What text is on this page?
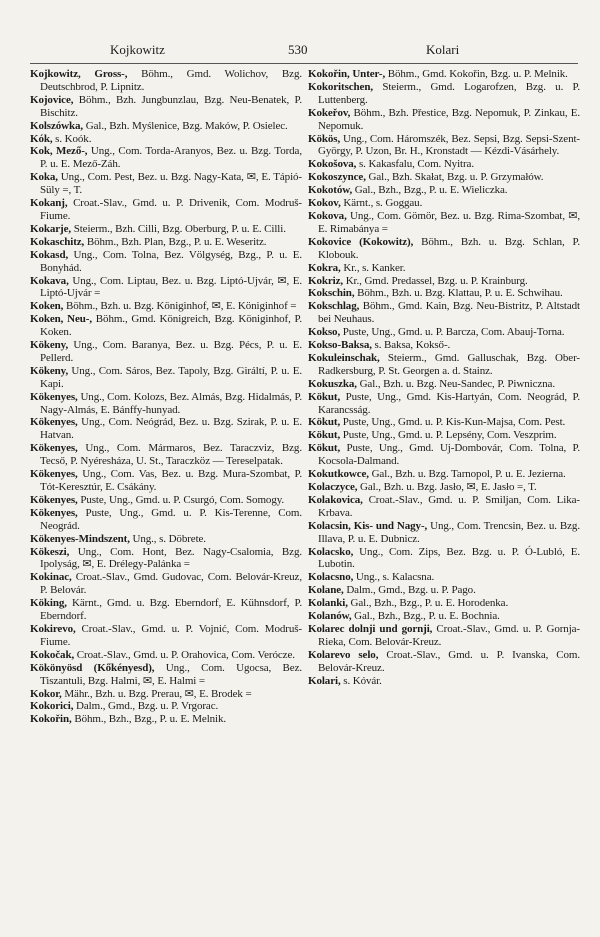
Kojkowitz	530	Kolari

Kojkowitz, Gross-, Böhm., Gmd. Wolichov, Bzg. Deutschbrod, P. Lipnitz.

Kojovice, Böhm., Bzh. Jungbunzlau, Bzg. Neu-Benatek, P. Bischitz.

Kolszówka, Gal., Bzh. Myślenice, Bzg. Maków, P. Osielec.

Kók, s. Koók.

Kok, Mező-, Ung., Com. Torda-Aranyos, Bez. u. Bzg. Torda, P. u. E. Mező-Záh.

Koka, Ung., Com. Pest, Bez. u. Bzg. Nagy-Kata, ✉, E. Tápió-Süly =, T.

Kokanj, Croat.-Slav., Gmd. u. P. Drivenik, Com. Modruš-Fiume.

Kokarje, Steierm., Bzh. Cilli, Bzg. Oberburg, P. u. E. Cilli.

Kokaschitz, Böhm., Bzh. Plan, Bzg., P. u. E. Weseritz.

Kokasd, Ung., Com. Tolna, Bez. Völgység, Bzg., P. u. E. Bonyhád.

Kokava, Ung., Com. Liptau, Bez. u. Bzg. Liptó-Ujvár, ✉, E. Liptó-Ujvár =

Koken, Böhm., Bzh. u. Bzg. Königinhof, ✉, E. Königinhof =

Koken, Neu-, Böhm., Gmd. Königreich, Bzg. Königinhof, P. Koken.

Kökeny, Ung., Com. Baranya, Bez. u. Bzg. Pécs, P. u. E. Pellerd.

Kökeny, Ung., Com. Sáros, Bez. Tapoly, Bzg. Giráltí, P. u. E. Kapi.

Kökenyes, Ung., Com. Kolozs, Bez. Almás, Bzg. Hidalmás, P. Nagy-Almás, E. Bánffy-hunyad.

Kökenyes, Ung., Com. Neógrád, Bez. u. Bzg. Szirak, P. u. E. Hatvan.

Kökenyes, Ung., Com. Mármaros, Bez. Taraczviz, Bzg. Tecső, P. Nyéresháza, U. St., Taraczköz — Tereselpatak.

Kökenyes, Ung., Com. Vas, Bez. u. Bzg. Mura-Szombat, P. Tót-Keresztúr, E. Csákány.

Kökenyes, Puste, Ung., Gmd. u. P. Csurgó, Com. Somogy.

Kökenyes, Puste, Ung., Gmd. u. P. Kis-Terenne, Com. Neográd.

Kökenyes-Mindszent, Ung., s. Döbrete.

Kökeszi, Ung., Com. Hont, Bez. Nagy-Csalomia, Bzg. Ipolyság, ✉, E. Drélegy-Palánka =

Kokinac, Croat.-Slav., Gmd. Gudovac, Com. Belovár-Kreuz, P. Belovár.

Köking, Kärnt., Gmd. u. Bzg. Eberndorf, E. Kühnsdorf, P. Eberndorf.

Kokirevo, Croat.-Slav., Gmd. u. P. Vojnić, Com. Modruš-Fiume.

Kokočak, Croat.-Slav., Gmd. u. P. Orahovica, Com. Verócze.

Kökönyösd (Kőkényesd), Ung., Com. Ugocsa, Bez. Tiszantuli, Bzg. Halmi, ✉, E. Halmi =

Kokor, Mähr., Bzh. u. Bzg. Prerau, ✉, E. Brodek =

Kokorici, Dalm., Gmd., Bzg. u. P. Vrgorac.

Kokořin, Böhm., Bzh., Bzg., P. u. E. Melnik.

Kokořin, Unter-, Böhm., Gmd. Kokořin, Bzg. u. P. Melnik.

Kokoritschen, Steierm., Gmd. Logarofzen, Bzg. u. P. Luttenberg.

Kokeřov, Böhm., Bzh. Přestice, Bzg. Nepomuk, P. Zinkau, E. Nepomuk.

Kökös, Ung., Com. Háromszék, Bez. Sepsi, Bzg. Sepsi-Szent-György, P. Uzon, Br. H., Kronstadt — Kézdi-Vásárhely.

Kokošova, s. Kakasfalu, Com. Nyitra.

Kokoszynce, Gal., Bzh. Skałat, Bzg. u. P. Grzymałów.

Kokotów, Gal., Bzh., Bzg., P. u. E. Wieliczka.

Kokov, Kärnt., s. Goggau.

Kokova, Ung., Com. Gömör, Bez. u. Bzg. Rima-Szombat, ✉, E. Rimabánya =

Kokovice (Kokowitz), Böhm., Bzh. u. Bzg. Schlan, P. Klobouk.

Kokra, Kr., s. Kanker.

Kokriz, Kr., Gmd. Predassel, Bzg. u. P. Krainburg.

Kokschin, Böhm., Bzh. u. Bzg. Klattau, P. u. E. Schwihau.

Kokschlag, Böhm., Gmd. Kain, Bzg. Neu-Bistritz, P. Altstadt bei Neuhaus.

Kokso, Puste, Ung., Gmd. u. P. Barcza, Com. Abauj-Torna.

Kokso-Baksa, s. Baksa, Kokső-.

Kokuleinschak, Steierm., Gmd. Galluschak, Bzg. Ober-Radkersburg, P. St. Georgen a. d. Stainz.

Kokuszka, Gal., Bzh. u. Bzg. Neu-Sandec, P. Piwniczna.

Kökut, Puste, Ung., Gmd. Kis-Hartyán, Com. Neográd, P. Karancsság.

Kökut, Puste, Ung., Gmd. u. P. Kis-Kun-Majsa, Com. Pest.

Kökut, Puste, Ung., Gmd. u. P. Lepsény, Com. Veszprim.

Kökut, Puste, Ung., Gmd. Uj-Dombovár, Com. Tolna, P. Kocsola-Dalmand.

Kokutkowce, Gal., Bzh. u. Bzg. Tarnopol, P. u. E. Jezierna.

Kolaczyce, Gal., Bzh. u. Bzg. Jasło, ✉, E. Jasło =, T.

Kolakovica, Croat.-Slav., Gmd. u. P. Smiljan, Com. Lika-Krbava.

Kolacsin, Kis- und Nagy-, Ung., Com. Trencsin, Bez. u. Bzg. Illava, P. u. E. Dubnicz.

Kolacsko, Ung., Com. Zips, Bez. Bzg. u. P. Ó-Lubló, E. Lubotin.

Kolacsno, Ung., s. Kalacsna.

Kolane, Dalm., Gmd., Bzg. u. P. Pago.

Kolanki, Gal., Bzh., Bzg., P. u. E. Horodenka.

Kolanów, Gal., Bzh., Bzg., P. u. E. Bochnia.

Kolarec dolnji und gornji, Croat.-Slav., Gmd. u. P. Gornja-Rieka, Com. Belovár-Kreuz.

Kolarevo selo, Croat.-Slav., Gmd. u. P. Ivanska, Com. Belovár-Kreuz.

Kolari, s. Kóvár.
